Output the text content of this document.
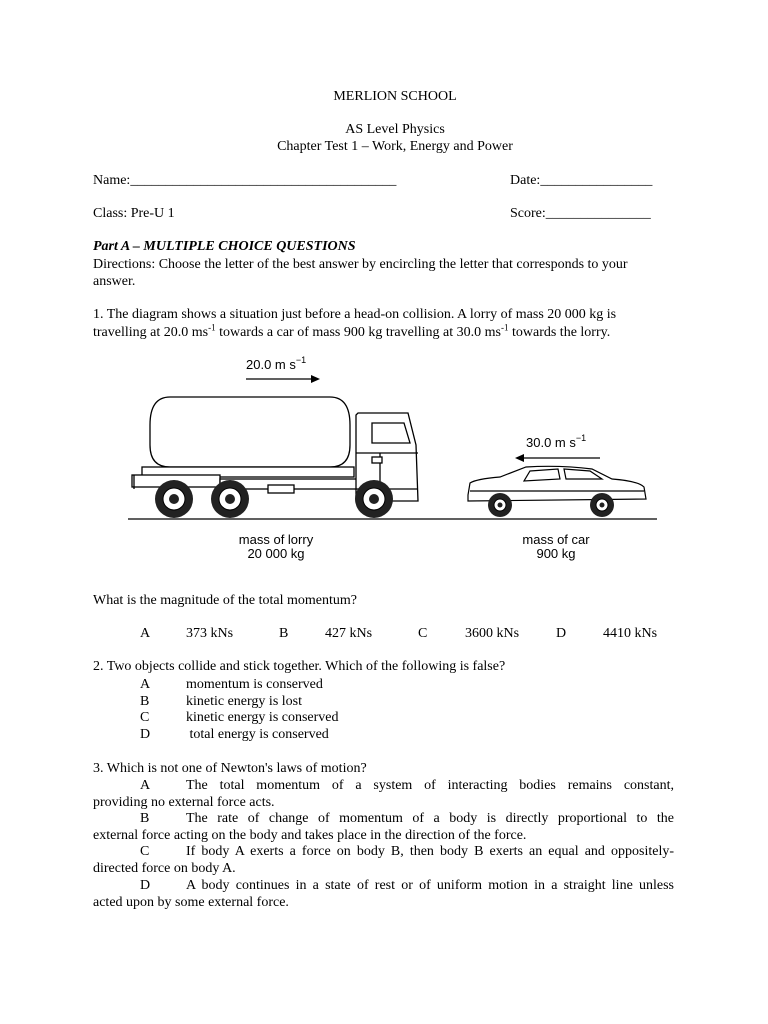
MERLION SCHOOL
AS Level Physics
Chapter Test 1 – Work, Energy and Power
Name:______________________________________	Date:________________
Class: Pre-U 1	Score:_______________
Part A – MULTIPLE CHOICE QUESTIONS
Directions: Choose the letter of the best answer by encircling the letter that corresponds to your
answer.
1. The diagram shows a situation just before a head-on collision. A lorry of mass 20 000 kg is
travelling at 20.0 $ms^{-1}$ towards a car of mass 900 kg travelling at 30.0 $ms^{-1}$ towards the lorry.
20.0 m $s^{-1}$
30.0 m $s^{-1}$
mass of lorry
20 000 kg
mass of car
900 kg
What is the magnitude of the total momentum?
A	373 kNs	B	427 kNs	C	3600 kNs	D	4410 kNs
2. Two objects collide and stick together. Which of the following is false?
A	momentum is conserved
B	kinetic energy is lost
C	kinetic energy is conserved
D	total energy is conserved
3. Which is not one of Newton's laws of motion?
A	The total momentum of a system of interacting bodies remains constant,
providing no external force acts.
B	The rate of change of momentum of a body is directly proportional to the
external force acting on the body and takes place in the direction of the force.
C	If body A exerts a force on body B, then body B exerts an equal and oppositely-
directed force on body A.
D	A body continues in a state of rest or of uniform motion in a straight line unless
acted upon by some external force.
